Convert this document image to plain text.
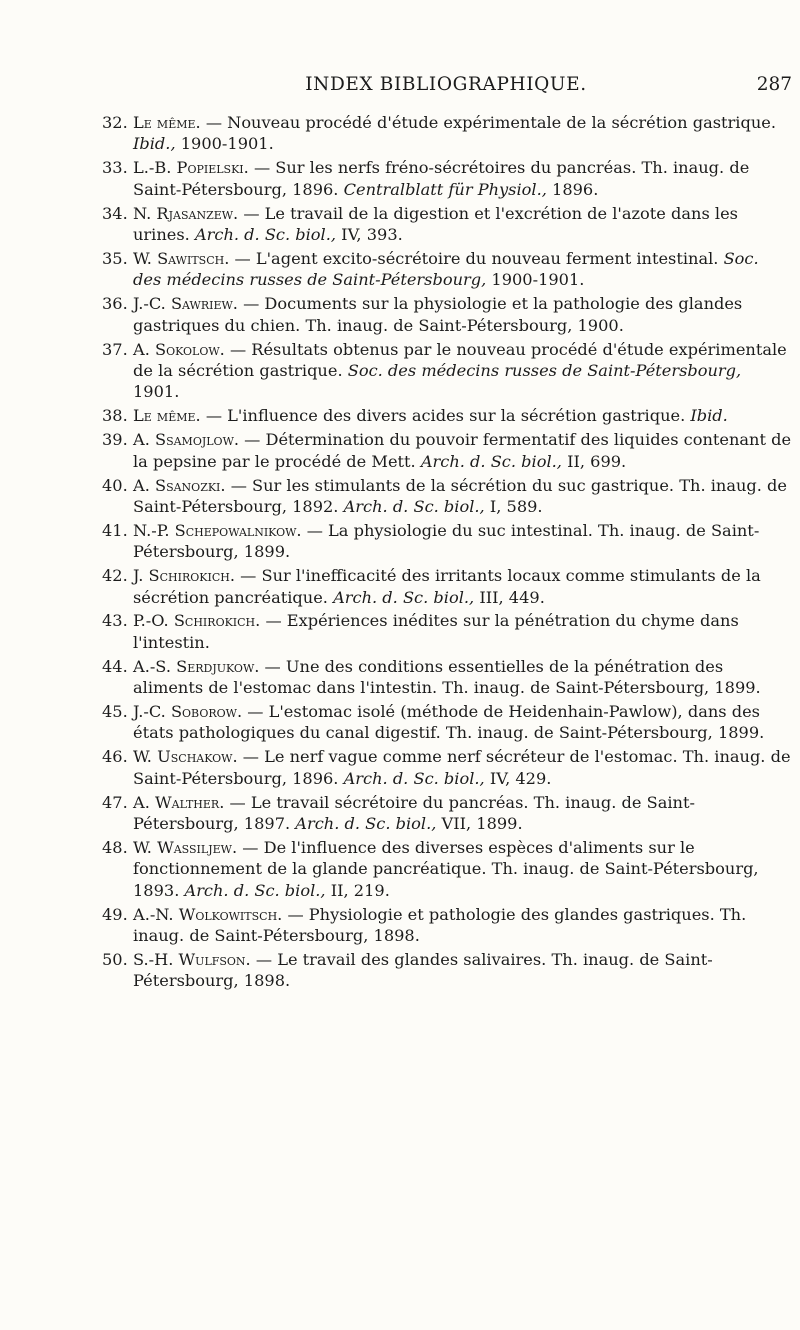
INDEX BIBLIOGRAPHIQUE.	287
32. Le même. — Nouveau procédé d'étude expérimentale de la sécrétion gastrique. Ibid., 1900-1901.
33. L.-B. Popielski. — Sur les nerfs fréno-sécrétoires du pancréas. Th. inaug. de Saint-Pétersbourg, 1896. Centralblatt für Physiol., 1896.
34. N. Rjasanzew. — Le travail de la digestion et l'excrétion de l'azote dans les urines. Arch. d. Sc. biol., IV, 393.
35. W. Sawitsch. — L'agent excito-sécrétoire du nouveau ferment intestinal. Soc. des médecins russes de Saint-Pétersbourg, 1900-1901.
36. J.-C. Sawriew. — Documents sur la physiologie et la pathologie des glandes gastriques du chien. Th. inaug. de Saint-Pétersbourg, 1900.
37. A. Sokolow. — Résultats obtenus par le nouveau procédé d'étude expérimentale de la sécrétion gastrique. Soc. des médecins russes de Saint-Pétersbourg, 1901.
38. Le même. — L'influence des divers acides sur la sécrétion gastrique. Ibid.
39. A. Ssamojlow. — Détermination du pouvoir fermentatif des liquides contenant de la pepsine par le procédé de Mett. Arch. d. Sc. biol., II, 699.
40. A. Ssanozki. — Sur les stimulants de la sécrétion du suc gastrique. Th. inaug. de Saint-Pétersbourg, 1892. Arch. d. Sc. biol., I, 589.
41. N.-P. Schepowalnikow. — La physiologie du suc intestinal. Th. inaug. de Saint-Pétersbourg, 1899.
42. J. Schirokich. — Sur l'inefficacité des irritants locaux comme stimulants de la sécrétion pancréatique. Arch. d. Sc. biol., III, 449.
43. P.-O. Schirokich. — Expériences inédites sur la pénétration du chyme dans l'intestin.
44. A.-S. Serdjukow. — Une des conditions essentielles de la pénétration des aliments de l'estomac dans l'intestin. Th. inaug. de Saint-Pétersbourg, 1899.
45. J.-C. Soborow. — L'estomac isolé (méthode de Heidenhain-Pawlow), dans des états pathologiques du canal digestif. Th. inaug. de Saint-Pétersbourg, 1899.
46. W. Uschakow. — Le nerf vague comme nerf sécréteur de l'estomac. Th. inaug. de Saint-Pétersbourg, 1896. Arch. d. Sc. biol., IV, 429.
47. A. Walther. — Le travail sécrétoire du pancréas. Th. inaug. de Saint-Pétersbourg, 1897. Arch. d. Sc. biol., VII, 1899.
48. W. Wassiljew. — De l'influence des diverses espèces d'aliments sur le fonctionnement de la glande pancréatique. Th. inaug. de Saint-Pétersbourg, 1893. Arch. d. Sc. biol., II, 219.
49. A.-N. Wolkowitsch. — Physiologie et pathologie des glandes gastriques. Th. inaug. de Saint-Pétersbourg, 1898.
50. S.-H. Wulfson. — Le travail des glandes salivaires. Th. inaug. de Saint-Pétersbourg, 1898.
